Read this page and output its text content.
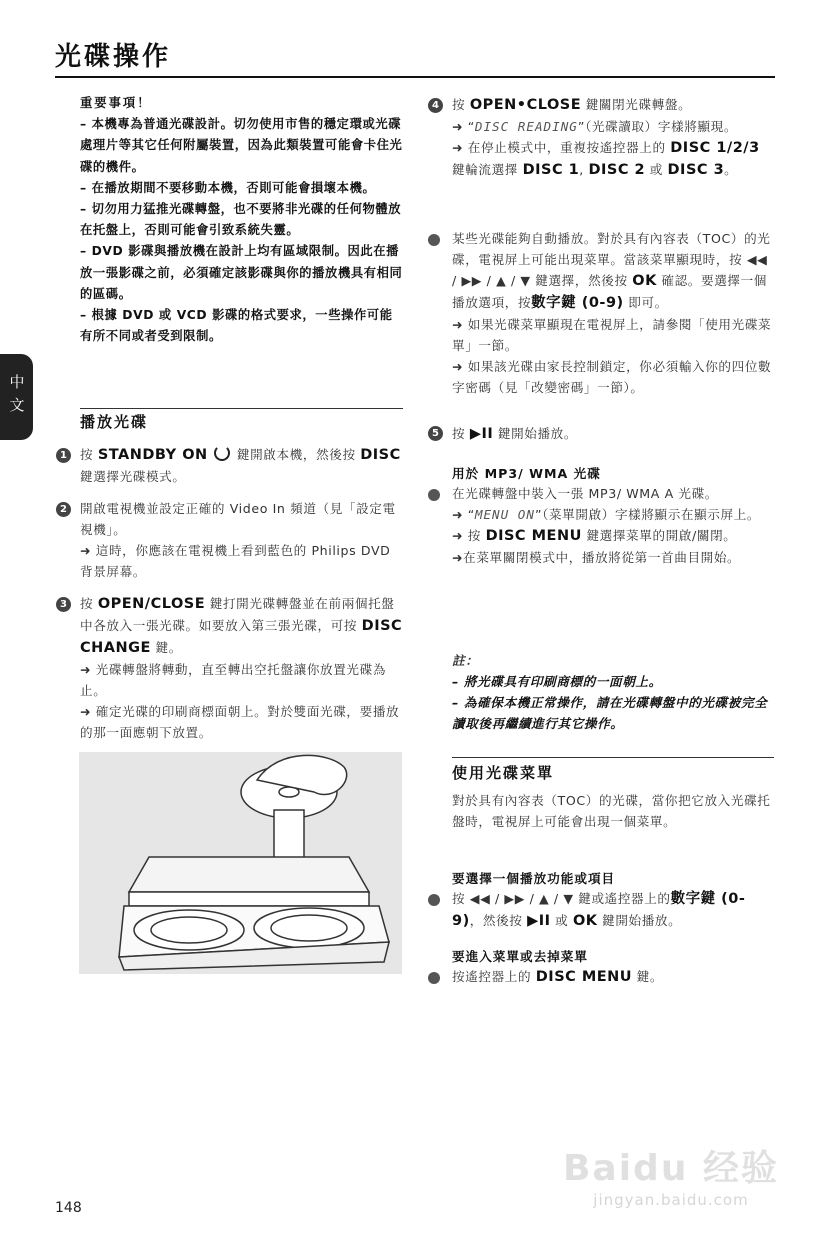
光碟操作
中文

重要事項！

– 本機專為普通光碟設計。切勿使用市售的穩定環或光碟處理片等其它任何附屬裝置，因為此類裝置可能會卡住光碟的機件。

– 在播放期間不要移動本機，否則可能會損壞本機。

– 切勿用力猛推光碟轉盤，也不要將非光碟的任何物體放在托盤上，否則可能會引致系統失靈。

– DVD 影碟與播放機在設計上均有區域限制。因此在播放一張影碟之前，必須確定該影碟與你的播放機具有相同的區碼。

– 根據 DVD 或 VCD 影碟的格式要求，一些操作可能有所不同或者受到限制。

播放光碟
1	按 STANDBY ON  鍵開啟本機，然後按 DISC 鍵選擇光碟模式。
2	開啟電視機並設定正確的 Video In 頻道（見「設定電視機」。

➜ 這時，你應該在電視機上看到藍色的 Philips DVD 背景屏幕。

3	按 OPEN/CLOSE 鍵打開光碟轉盤並在前兩個托盤中各放入一張光碟。如要放入第三張光碟，可按 DISC CHANGE 鍵。

➜ 光碟轉盤將轉動，直至轉出空托盤讓你放置光碟為止。

➜ 確定光碟的印刷商標面朝上。對於雙面光碟，要播放的那一面應朝下放置。

4	按 OPEN•CLOSE 鍵關閉光碟轉盤。

➜ “DISC READING”（光碟讀取）字樣將顯現。

➜ 在停止模式中，重複按遙控器上的 DISC 1/2/3 鍵輪流選擇 DISC 1, DISC 2 或 DISC 3。

某些光碟能夠自動播放。對於具有內容表（TOC）的光碟，電視屏上可能出現菜單。當該菜單顯現時，按 ◀◀ / ▶▶ / ▲ / ▼ 鍵選擇，然後按 OK 確認。要選擇一個播放選項，按數字鍵 (0-9) 即可。

➜ 如果光碟菜單顯現在電視屏上，請參閱「使用光碟菜單」一節。

➜ 如果該光碟由家長控制鎖定，你必須輸入你的四位數字密碼（見「改變密碼」一節）。

5	按 ▶II 鍵開始播放。
用於 MP3/ WMA 光碟

在光碟轉盤中裝入一張 MP3/ WMA A 光碟。

➜ “MENU ON”（菜單開啟）字樣將顯示在顯示屏上。

➜ 按 DISC MENU 鍵選擇菜單的開啟/關閉。

➜在菜單關閉模式中，播放將從第一首曲目開始。

註：

– 將光碟具有印刷商標的一面朝上。

– 為確保本機正常操作，請在光碟轉盤中的光碟被完全讀取後再繼續進行其它操作。

使用光碟菜單
對於具有內容表（TOC）的光碟，當你把它放入光碟托盤時，電視屏上可能會出現一個菜單。
要選擇一個播放功能或項目
按 ◀◀ / ▶▶ / ▲ / ▼ 鍵或遙控器上的數字鍵 (0-9)，然後按 ▶II 或 OK 鍵開始播放。
要進入菜單或去掉菜單
按遙控器上的 DISC MENU 鍵。
148
Baidu 经验
jingyan.baidu.com
